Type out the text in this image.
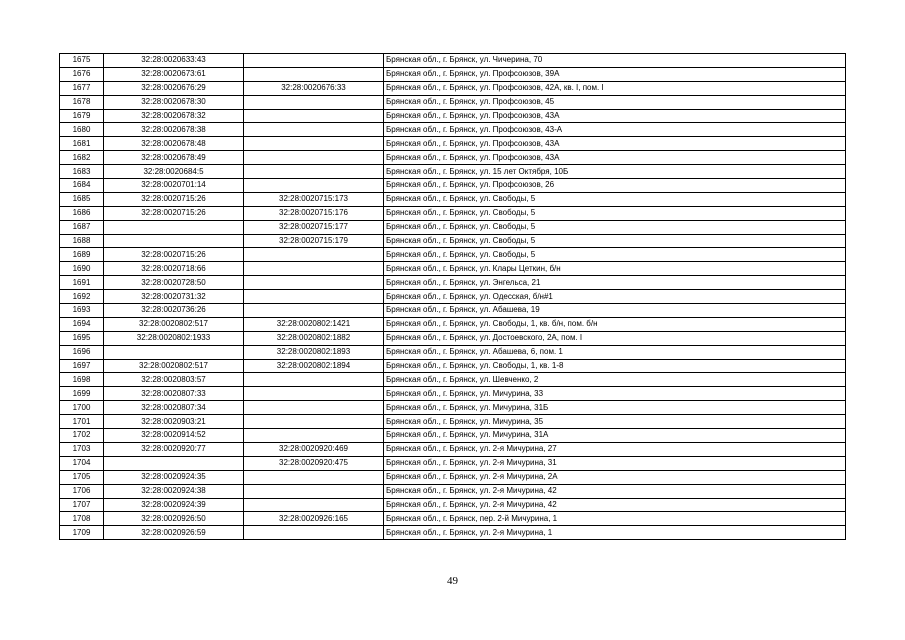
1675	32:28:0020633:43		Брянская обл., г. Брянск, ул. Чичерина, 70
1676	32:28:0020673:61		Брянская обл., г. Брянск, ул. Профсоюзов, 39А
1677	32:28:0020676:29	32:28:0020676:33	Брянская обл., г. Брянск, ул. Профсоюзов, 42А, кв. I, пом. I
1678	32:28:0020678:30		Брянская обл., г. Брянск, ул. Профсоюзов, 45
1679	32:28:0020678:32		Брянская обл., г. Брянск, ул. Профсоюзов, 43А
1680	32:28:0020678:38		Брянская обл., г. Брянск, ул. Профсоюзов, 43-А
1681	32:28:0020678:48		Брянская обл., г. Брянск, ул. Профсоюзов, 43А
1682	32:28:0020678:49		Брянская обл., г. Брянск, ул. Профсоюзов, 43А
1683	32:28:0020684:5		Брянская обл., г. Брянск, ул. 15 лет Октября, 10Б
1684	32:28:0020701:14		Брянская обл., г. Брянск, ул. Профсоюзов, 26
1685	32:28:0020715:26	32:28:0020715:173	Брянская обл., г. Брянск, ул. Свободы, 5
1686	32:28:0020715:26	32:28:0020715:176	Брянская обл., г. Брянск, ул. Свободы, 5
1687		32:28:0020715:177	Брянская обл., г. Брянск, ул. Свободы, 5
1688		32:28:0020715:179	Брянская обл., г. Брянск, ул. Свободы, 5
1689	32:28:0020715:26		Брянская обл., г. Брянск, ул. Свободы, 5
1690	32:28:0020718:66		Брянская обл., г. Брянск, ул. Клары Цеткин, б/н
1691	32:28:0020728:50		Брянская обл., г. Брянск, ул. Энгельса, 21
1692	32:28:0020731:32		Брянская обл., г. Брянск, ул. Одесская, б/н#1
1693	32:28:0020736:26		Брянская обл., г. Брянск, ул. Абашева, 19
1694	32:28:0020802:517	32:28:0020802:1421	Брянская обл., г. Брянск, ул. Свободы, 1, кв. б/н, пом. б/н
1695	32:28:0020802:1933	32:28:0020802:1882	Брянская обл., г. Брянск, ул. Достоевского, 2А, пом. I
1696		32:28:0020802:1893	Брянская обл., г. Брянск, ул. Абашева, 6, пом. 1
1697	32:28:0020802:517	32:28:0020802:1894	Брянская обл., г. Брянск, ул. Свободы, 1, кв. 1-8
1698	32:28:0020803:57		Брянская обл., г. Брянск, ул. Шевченко, 2
1699	32:28:0020807:33		Брянская обл., г. Брянск, ул. Мичурина, 33
1700	32:28:0020807:34		Брянская обл., г. Брянск, ул. Мичурина, 31Б
1701	32:28:0020903:21		Брянская обл., г. Брянск, ул. Мичурина, 35
1702	32:28:0020914:52		Брянская обл., г. Брянск, ул. Мичурина, 31А
1703	32:28:0020920:77	32:28:0020920:469	Брянская обл., г. Брянск, ул. 2-я Мичурина, 27
1704		32:28:0020920:475	Брянская обл., г. Брянск, ул. 2-я Мичурина, 31
1705	32:28:0020924:35		Брянская обл., г. Брянск, ул. 2-я Мичурина, 2А
1706	32:28:0020924:38		Брянская обл., г. Брянск, ул. 2-я Мичурина, 42
1707	32:28:0020924:39		Брянская обл., г. Брянск, ул. 2-я Мичурина, 42
1708	32:28:0020926:50	32:28:0020926:165	Брянская обл., г. Брянск, пер. 2-й Мичурина, 1
1709	32:28:0020926:59		Брянская обл., г. Брянск, ул. 2-я Мичурина, 1
49
